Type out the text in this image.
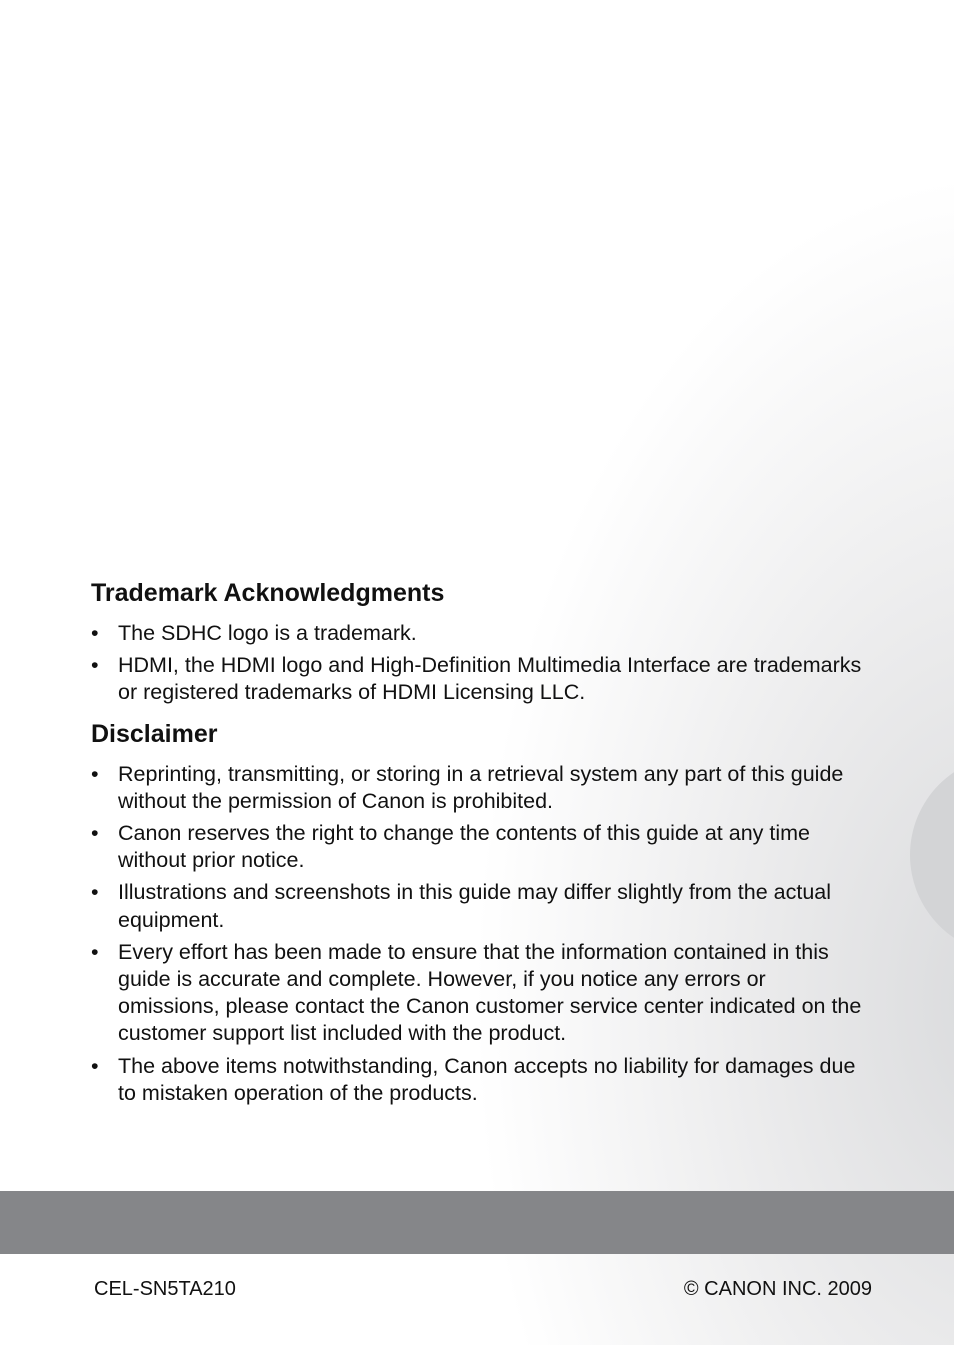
Trademark Acknowledgments
• The SDHC logo is a trademark.
• HDMI, the HDMI logo and High-Definition Multimedia Interface are trademarks or registered trademarks of HDMI Licensing LLC.
Disclaimer
• Reprinting, transmitting, or storing in a retrieval system any part of this guide without the permission of Canon is prohibited.
• Canon reserves the right to change the contents of this guide at any time without prior notice.
• Illustrations and screenshots in this guide may differ slightly from the actual equipment.
• Every effort has been made to ensure that the information contained in this guide is accurate and complete. However, if you notice any errors or omissions, please contact the Canon customer service center indicated on the customer support list included with the product.
• The above items notwithstanding, Canon accepts no liability for damages due to mistaken operation of the products.
CEL-SN5TA210	© CANON INC. 2009
